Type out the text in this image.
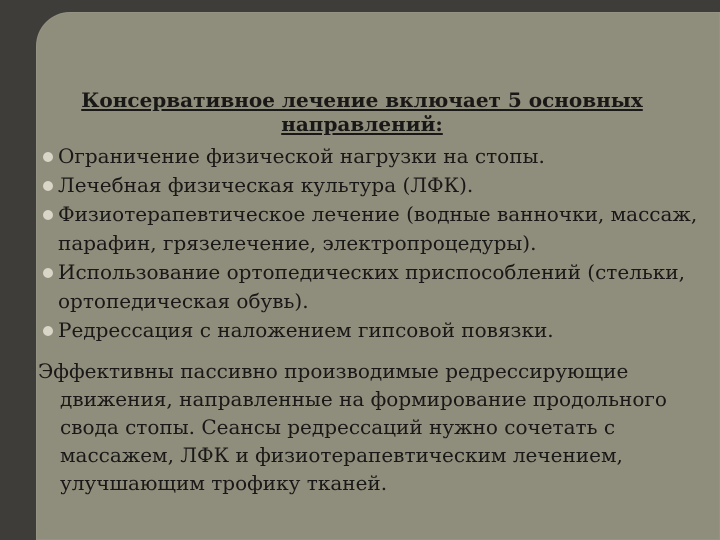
Консервативное лечение включает 5 основных направлений:
Ограничение физической нагрузки на стопы.
Лечебная физическая культура (ЛФК).
Физиотерапевтическое лечение (водные ванночки, массаж, парафин, грязелечение, электропроцедуры).
Использование ортопедических приспособлений (стельки, ортопедическая обувь).
Редрессация с наложением гипсовой повязки.

Эффективны пассивно производимые редрессирующие движения, направленные на формирование продольного свода стопы. Сеансы редрессаций нужно сочетать с массажем, ЛФК и физиотерапевтическим лечением, улучшающим трофику тканей.
